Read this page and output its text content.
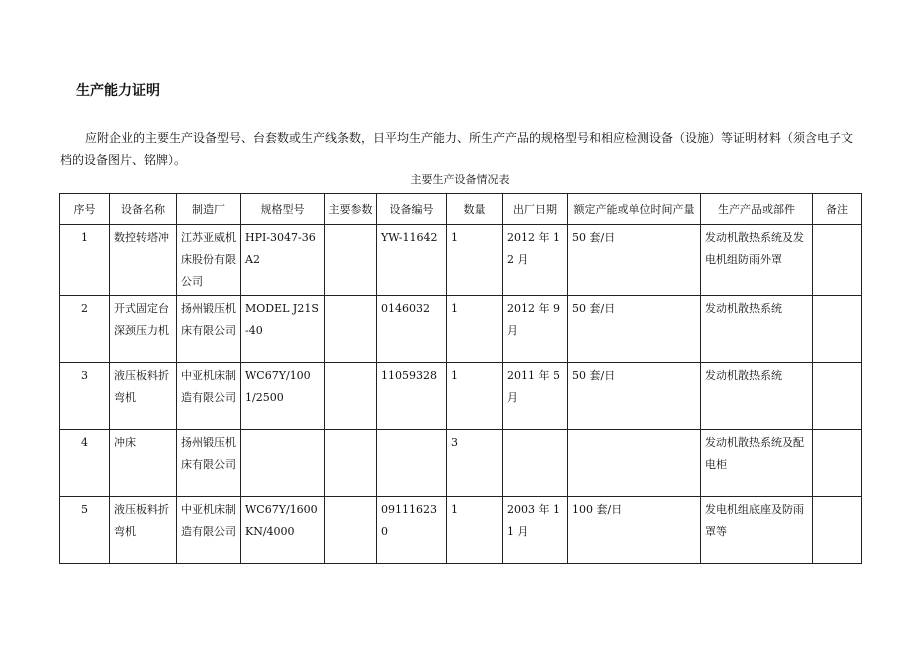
生产能力证明

应附企业的主要生产设备型号、台套数或生产线条数，日平均生产能力、所生产产品的规格型号和相应检测设备（设施）等证明材料（须含电子文档的设备图片、铭牌）。

主要生产设备情况表

序号	设备名称	制造厂	规格型号	主要参数	设备编号	数量	出厂日期	额定产能或单位时间产量	生产产品或部件	备注
1	数控转塔冲	江苏亚威机床股份有限公司	HPI-3047-36A2		YW-11642	1	2012 年 12 月	50 套/日	发动机散热系统及发电机组防雨外罩	
2	开式固定台深颈压力机	扬州锻压机床有限公司	MODEL J21S-40		0146032	1	2012 年 9 月	50 套/日	发动机散热系统	
3	液压板料折弯机	中亚机床制造有限公司	WC67Y/1001/2500		11059328	1	2011 年 5 月	50 套/日	发动机散热系统	
4	冲床	扬州锻压机床有限公司				3			发动机散热系统及配电柜	
5	液压板料折弯机	中亚机床制造有限公司	WC67Y/1600KN/4000		091116230	1	2003 年 11 月	100 套/日	发电机组底座及防雨罩等	
